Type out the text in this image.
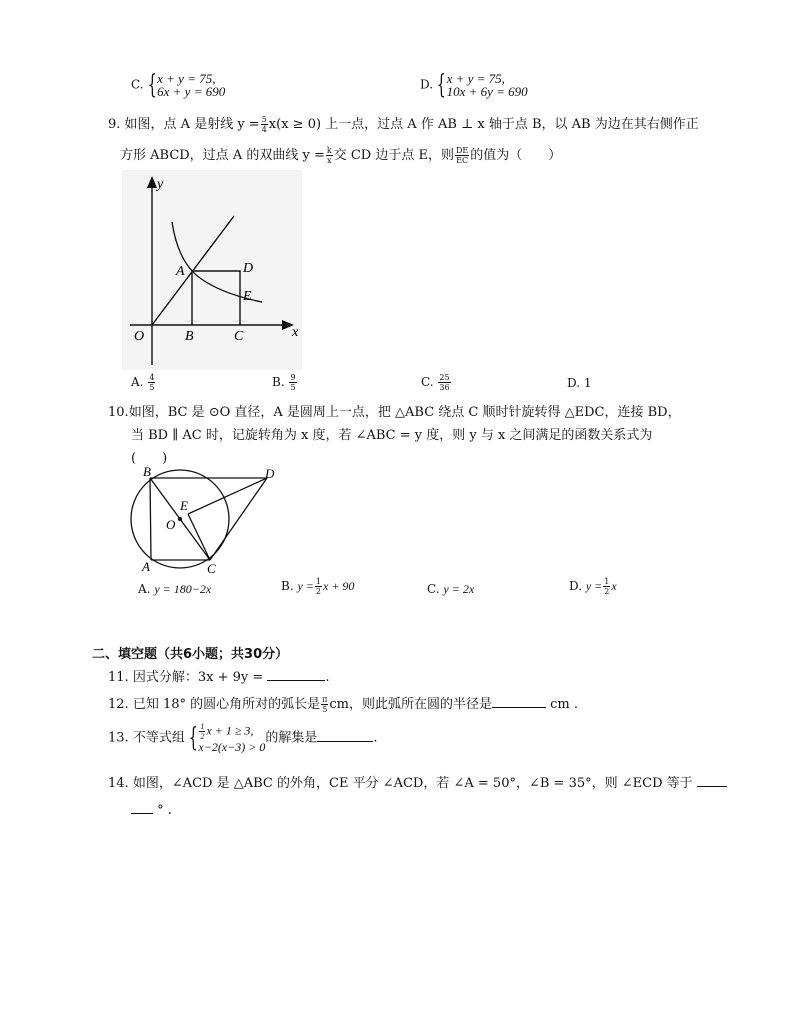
C. { x + y = 75,
6x + y = 690	D. { x + y = 75,
10x + 6y = 690
9. 如图，点 A 是射线 $y = \frac{5}{4} x(x \ge 0)$ 上一点，过点 A 作 AB ⊥ x 轴于点 B，以 AB 为边在其右侧作正
方形 ABCD，过点 A 的双曲线 $y = \frac{k}{x}$ 交 CD 边于点 E，则 $\frac{DE}{EC}$ 的值为（　　）
y
x
O
A
B	C
D
E
A. $\frac{4}{5}$	B. $\frac{9}{5}$	C. $\frac{25}{36}$	D. 1
10.如图，BC 是 ⊙O 直径，A 是圆周上一点，把 △ABC 绕点 C 顺时针旋转得 △EDC，连接 BD，
当 BD ∥ AC 时，记旋转角为 x 度，若 ∠ABC = y 度，则 y 与 x 之间满足的函数关系式为
(　　)
B	D
E
O
A	C
A. y = 180−2x	B. $y = \frac{1}{2}$ x + 90	C. y = 2x	D. $y = \frac{1}{2}$ x
二、填空题（共6小题；共30分）
11. 因式分解：3x + 9y =	.
12. 已知 18° 的圆心角所对的弧长是 $\frac{\pi}{5}$ cm，则此弧所在圆的半径是	cm .
13. 不等式组 { $\frac{1}{2}$ x + 1 ≥ 3,
x−2(x−3) > 0
的解集是	.
14. 如图，∠ACD 是 △ABC 的外角，CE 平分 ∠ACD，若 ∠A = 50°，∠B = 35°，则 ∠ECD 等于
° .
